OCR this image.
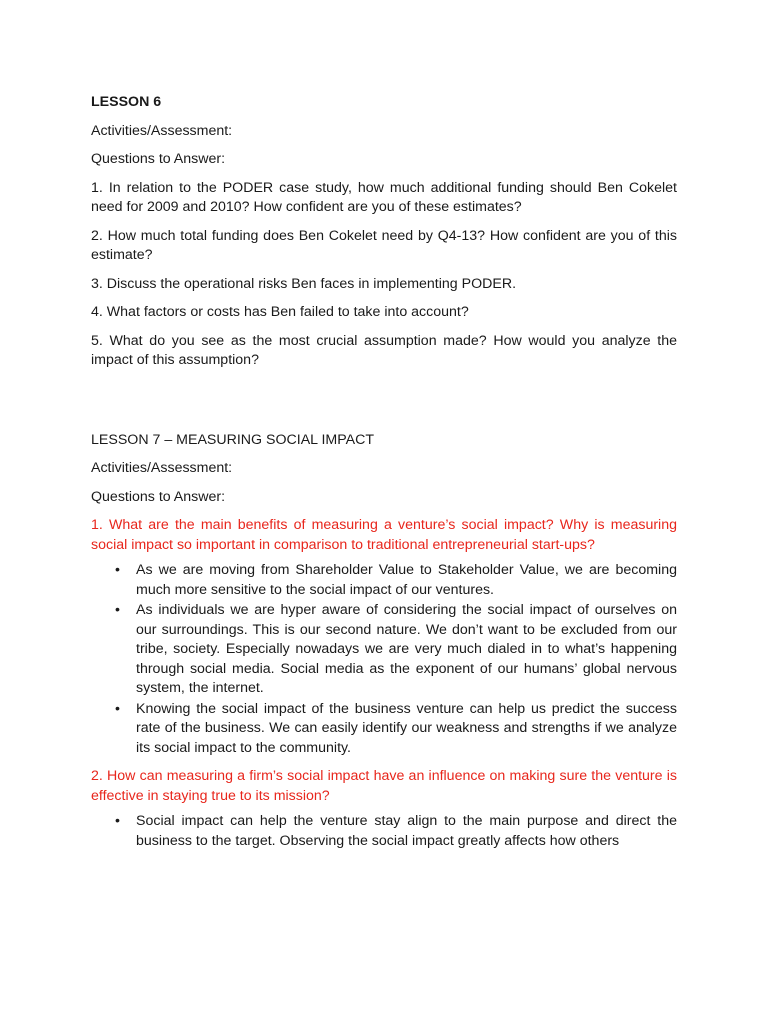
LESSON 6

Activities/Assessment:

Questions to Answer:

1. In relation to the PODER case study, how much additional funding should Ben Cokelet need for 2009 and 2010? How confident are you of these estimates?

2. How much total funding does Ben Cokelet need by Q4-13? How confident are you of this estimate?

3. Discuss the operational risks Ben faces in implementing PODER.

4. What factors or costs has Ben failed to take into account?

5. What do you see as the most crucial assumption made? How would you analyze the impact of this assumption?

LESSON 7 – MEASURING SOCIAL IMPACT

Activities/Assessment:

Questions to Answer:

1. What are the main benefits of measuring a venture’s social impact? Why is measuring social impact so important in comparison to traditional entrepreneurial start-ups?

• As we are moving from Shareholder Value to Stakeholder Value, we are becoming much more sensitive to the social impact of our ventures.
• As individuals we are hyper aware of considering the social impact of ourselves on our surroundings. This is our second nature. We don’t want to be excluded from our tribe, society. Especially nowadays we are very much dialed in to what’s happening through social media. Social media as the exponent of our humans’ global nervous system, the internet.
• Knowing the social impact of the business venture can help us predict the success rate of the business. We can easily identify our weakness and strengths if we analyze its social impact to the community.

2. How can measuring a firm’s social impact have an influence on making sure the venture is effective in staying true to its mission?

• Social impact can help the venture stay align to the main purpose and direct the business to the target. Observing the social impact greatly affects how others
